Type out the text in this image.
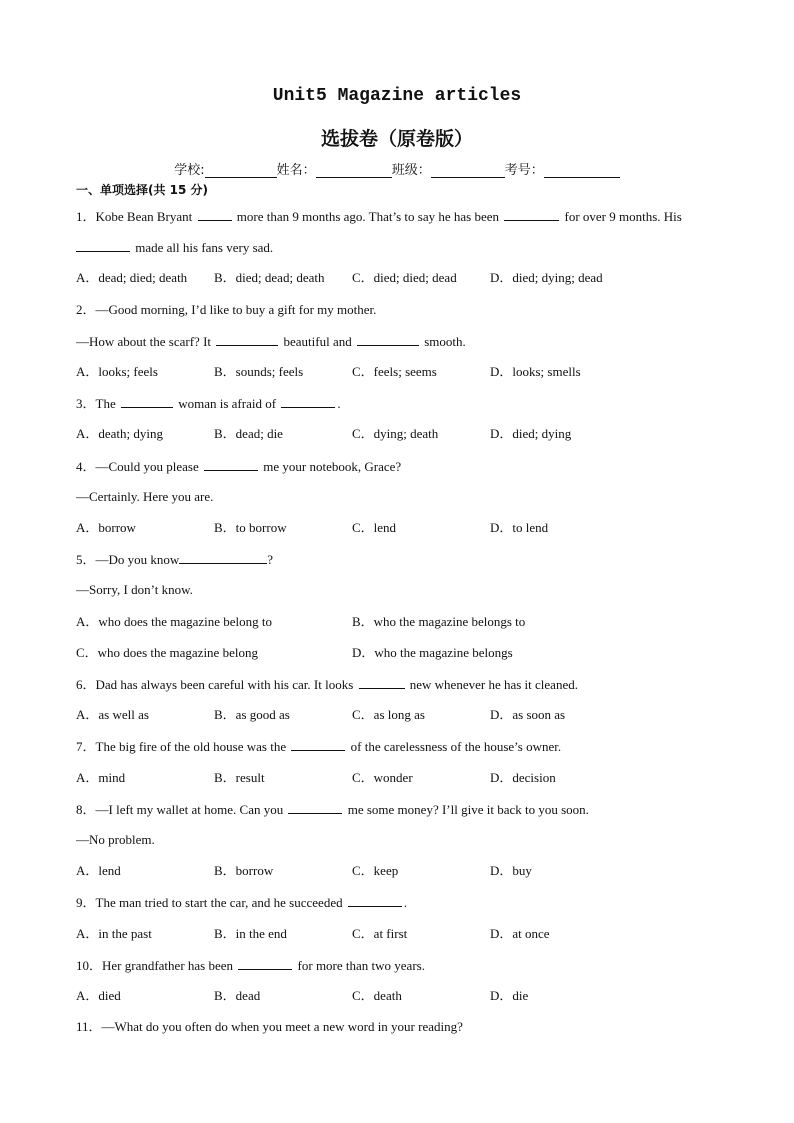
Unit5 Magazine articles
选拔卷（原卷版）
学校:	姓名：	班级：	考号：
一、单项选择(共 15 分)
1．Kobe Bean Bryant	more than 9 months ago. That’s to say he has been	for over 9 months. His
made all his fans very sad.
A．dead; died; death B．died; dead; death C．died; died; dead	D．died; dying; dead
2．—Good morning, I’d like to buy a gift for my mother.
—How about the scarf? It	beautiful and	smooth.
A．looks; feels	B．sounds; feels	C．feels; seems	D．looks; smells
3．The	woman is afraid of	.
A．death; dying	B．dead; die	C．dying; death	D．died; dying
4．—Could you please	me your notebook, Grace?
—Certainly. Here you are.
A．borrow	B．to borrow	C．lend	D．to lend
5．—Do you know	?
—Sorry, I don’t know.
A．who does the magazine belong to	B．who the magazine belongs to
C．who does the magazine belong	D．who the magazine belongs
6．Dad has always been careful with his car. It looks	new whenever he has it cleaned.
A．as well as	B．as good as	C．as long as	D．as soon as
7．The big fire of the old house was the	of the carelessness of the house’s owner.
A．mind	B．result	C．wonder	D．decision
8．—I left my wallet at home. Can you	me some money? I’ll give it back to you soon.
—No problem.
A．lend	B．borrow	C．keep	D．buy
9．The man tried to start the car, and he succeeded	.
A．in the past	B．in the end	C．at first	D．at once
10．Her grandfather has been	for more than two years.
A．died	B．dead	C．death	D．die
11．—What do you often do when you meet a new word in your reading?
